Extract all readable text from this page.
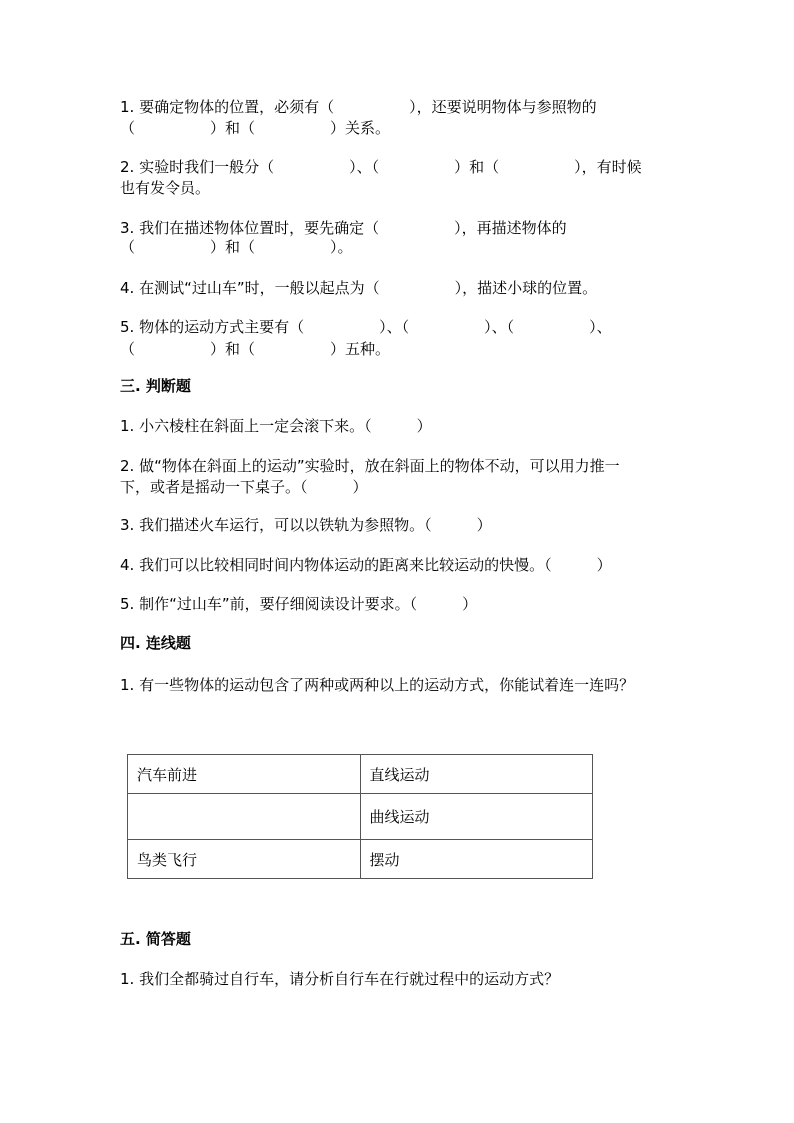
1. 要确定物体的位置，必须有（　　　　　），还要说明物体与参照物的
（　　　　　）和（　　　　　）关系。
2. 实验时我们一般分（　　　　　）、（　　　　　）和（　　　　　），有时候
也有发令员。
3. 我们在描述物体位置时，要先确定（　　　　　），再描述物体的
（　　　　　）和（　　　　　）。
4. 在测试“过山车”时，一般以起点为（　　　　　），描述小球的位置。
5. 物体的运动方式主要有（　　　　　）、（　　　　　）、（　　　　　）、
（　　　　　）和（　　　　　）五种。
三. 判断题
1. 小六棱柱在斜面上一定会滚下来。（　　　）
2. 做“物体在斜面上的运动”实验时，放在斜面上的物体不动，可以用力推一
下，或者是摇动一下桌子。（　　　）
3. 我们描述火车运行，可以以铁轨为参照物。（　　　）
4. 我们可以比较相同时间内物体运动的距离来比较运动的快慢。（　　　）
5. 制作“过山车”前，要仔细阅读设计要求。（　　　）
四. 连线题
1. 有一些物体的运动包含了两种或两种以上的运动方式，你能试着连一连吗？
汽车前进	直线运动
	曲线运动
鸟类飞行	摆动
五. 简答题
1. 我们全都骑过自行车，请分析自行车在行就过程中的运动方式？
